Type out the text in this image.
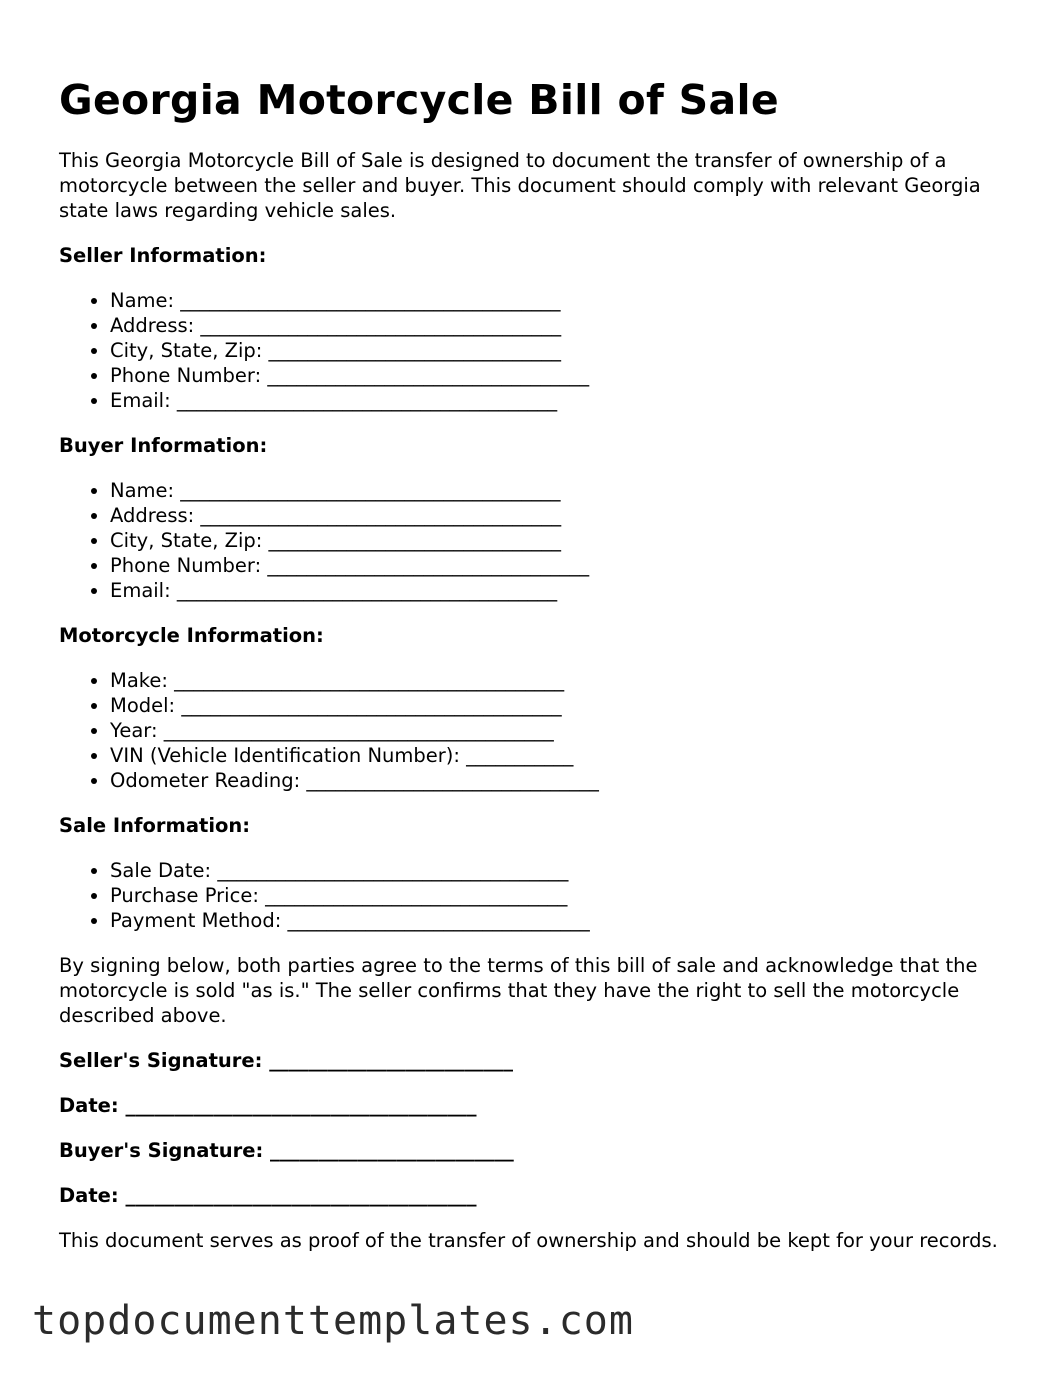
Georgia Motorcycle Bill of Sale

This Georgia Motorcycle Bill of Sale is designed to document the transfer of ownership of a motorcycle between the seller and buyer. This document should comply with relevant Georgia state laws regarding vehicle sales.

Seller Information:
• Name: _______________________________________
• Address: _____________________________________
• City, State, Zip: ______________________________
• Phone Number: _________________________________
• Email: _______________________________________
Buyer Information:
• Name: _______________________________________
• Address: _____________________________________
• City, State, Zip: ______________________________
• Phone Number: _________________________________
• Email: _______________________________________
Motorcycle Information:
• Make: ________________________________________
• Model: _______________________________________
• Year: ________________________________________
• VIN (Vehicle Identification Number): ___________
• Odometer Reading: ______________________________
Sale Information:
• Sale Date: ____________________________________
• Purchase Price: _______________________________
• Payment Method: _______________________________

By signing below, both parties agree to the terms of this bill of sale and acknowledge that the motorcycle is sold "as is." The seller confirms that they have the right to sell the motorcycle described above.

Seller's Signature: _________________________

Date: ____________________________________

Buyer's Signature: _________________________

Date: ____________________________________

This document serves as proof of the transfer of ownership and should be kept for your records.

topdocumenttemplates.com
